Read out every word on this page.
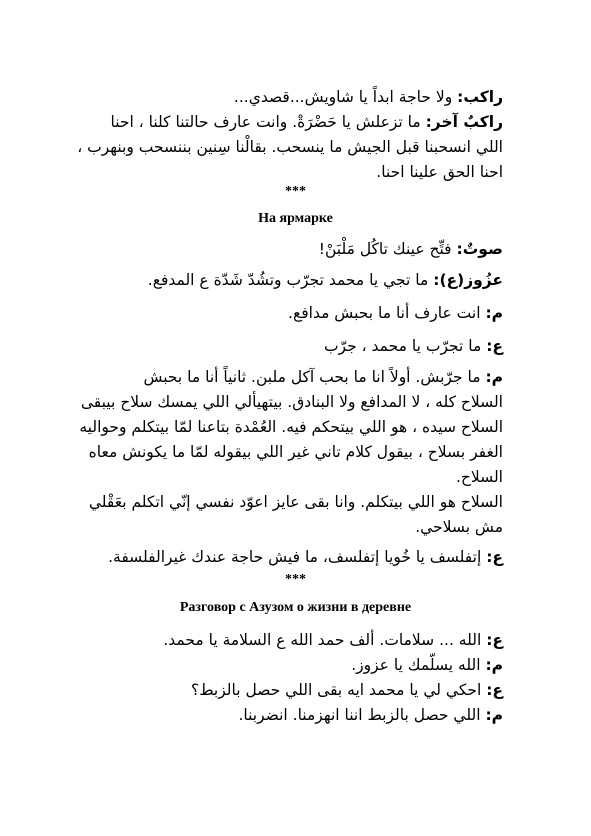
راكب: ولا حاجة ابداً يا شاويش...قصدي...

راكبٌ آخر: ما تزعلش يا حَضْرَةْ. وانت عارف حالتنا كلنا ، احنا

اللي انسحبنا قبل الجيش ما ينسحب. بقالْنا سِنين بننسحب وبنهرب ،

احنا الحق علينا احنا.

***

На ярмарке

صوتٌ: فتِّح عينك تاكُل مَلْبَنْ!

عزُوز(ع): ما تجي يا محمد تجرّب وتشُدّ شَدّة ع المدفع.

م: انت عارف أنا ما بحبش مدافع.

ع: ما تجرّب يا محمد ، جرّب

م: ما جرّبش. أولاً انا ما بحب آكل ملبن. ثانياً أنا ما بحبش

السلاح كله ، لا المدافع ولا البنادق. بيتهيألي اللي يمسك سلاح بيبقى

السلاح سيده ، هو اللي بيتحكم فيه. العُمْدة بتاعنا لمّا بيتكلم وحواليه

الغفر بسلاح ، بيقول كلام تاني غير اللي بيقوله لمّا ما يكونش معاه

السلاح.

السلاح هو اللي بيتكلم. وانا بقى عايز اعوّد نفسي إنّي اتكلم بعَقْلي

مش بسلاحي.

ع: إتفلسف يا خُويا إتفلسف، ما فيش حاجة عندك غيرالفلسفة.

***

Разговор с Азузом о жизни в деревне

ع: الله ... سلامات. ألف حمد الله ع السلامة يا محمد.

م: الله يسلّمك يا عزوز.

ع: احكي لي يا محمد ايه بقى اللي حصل بالزبط؟

م: اللي حصل بالزبط اننا انهزمنا. انضربنا.
